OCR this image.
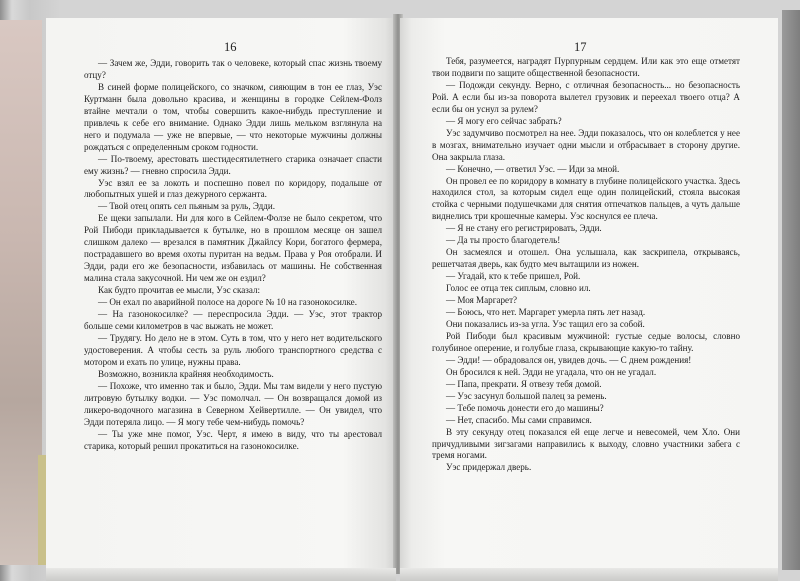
16

— Зачем же, Эдди, говорить так о человеке, который спас жизнь твоему отцу?

В синей форме полицейского, со значком, сияющим в тон ее глаз, Уэс Куртманн была довольно красива, и женщины в городке Сейлем-Фолз втайне мечтали о том, чтобы совершить какое-нибудь преступление и привлечь к себе его внимание. Однако Эдди лишь мельком взглянула на него и подумала — уже не впервые, — что некоторые мужчины должны рождаться с определенным сроком годности.

— По-твоему, арестовать шестидесятилетнего старика означает спасти ему жизнь? — гневно спросила Эдди.

Уэс взял ее за локоть и поспешно повел по коридору, подальше от любопытных ушей и глаз дежурного сержанта.

— Твой отец опять сел пьяным за руль, Эдди.

Ее щеки запылали. Ни для кого в Сейлем-Фолзе не было секретом, что Рой Пибоди прикладывается к бутылке, но в прошлом месяце он зашел слишком далеко — врезался в памятник Джайлсу Кори, богатого фермера, пострадавшего во время охоты пуритан на ведьм. Права у Роя отобрали. И Эдди, ради его же безопасности, избавилась от машины. Не собственная малина стала закусочной. Ни чем же он ездил?

Как будто прочитав ее мысли, Уэс сказал:

— Он ехал по аварийной полосе на дороге № 10 на газонокосилке.

— На газонокосилке? — переспросила Эдди. — Уэс, этот трактор больше семи километров в час выжать не может.

— Трудягу. Но дело не в этом. Суть в том, что у него нет водительского удостоверения. А чтобы сесть за руль любого транспортного средства с мотором и ехать по улице, нужны права.

Возможно, возникла крайняя необходимость.

— Похоже, что именно так и было, Эдди. Мы там видели у него пустую литровую бутылку водки. — Уэс помолчал. — Он возвращался домой из ликеро-водочного магазина в Северном Хейвертилле. — Он увидел, что Эдди потеряла лицо. — Я могу тебе чем-нибудь помочь?

— Ты уже мне помог, Уэс. Черт, я имею в виду, что ты арестовал старика, который решил прокатиться на газонокосилке.

17

Тебя, разумеется, наградят Пурпурным сердцем. Или как это еще отметят твои подвиги по защите общественной безопасности.

— Подожди секунду. Верно, с отличная безопасность... но безопасность Рой. А если бы из-за поворота вылетел грузовик и переехал твоего отца? А если бы он уснул за рулем?

— Я могу его сейчас забрать?

Уэс задумчиво посмотрел на нее. Эдди показалось, что он колеблется у нее в мозгах, внимательно изучает одни мысли и отбрасывает в сторону другие. Она закрыла глаза.

— Конечно, — ответил Уэс. — Иди за мной.

Он провел ее по коридору в комнату в глубине полицейского участка. Здесь находился стол, за которым сидел еще один полицейский, стояла высокая стойка с черными подушечками для снятия отпечатков пальцев, а чуть дальше виднелись три крошечные камеры. Уэс коснулся ее плеча.

— Я не стану его регистрировать, Эдди.

— Да ты просто благодетель!

Он засмеялся и отошел. Она услышала, как заскрипела, открываясь, решетчатая дверь, как будто меч вытащили из ножен.

— Угадай, кто к тебе пришел, Рой.

Голос ее отца тек сиплым, словно ил.

— Моя Маргарет?

— Боюсь, что нет. Маргарет умерла пять лет назад.

Они показались из-за угла. Уэс тащил его за собой.

Рой Пибоди был красивым мужчиной: густые седые волосы, словно голубиное оперение, и голубые глаза, скрывающие какую-то тайну.

— Эдди! — обрадовался он, увидев дочь. — С днем рождения!

Он бросился к ней. Эдди не угадала, что он не угадал.

— Папа, прекрати. Я отвезу тебя домой.

— Уэс засунул большой палец за ремень.

— Тебе помочь донести его до машины?

— Нет, спасибо. Мы сами справимся.

В эту секунду отец показался ей еще легче и невесомей, чем Хло. Они причудливыми зигзагами направились к выходу, словно участники забега с тремя ногами.

Уэс придержал дверь.
